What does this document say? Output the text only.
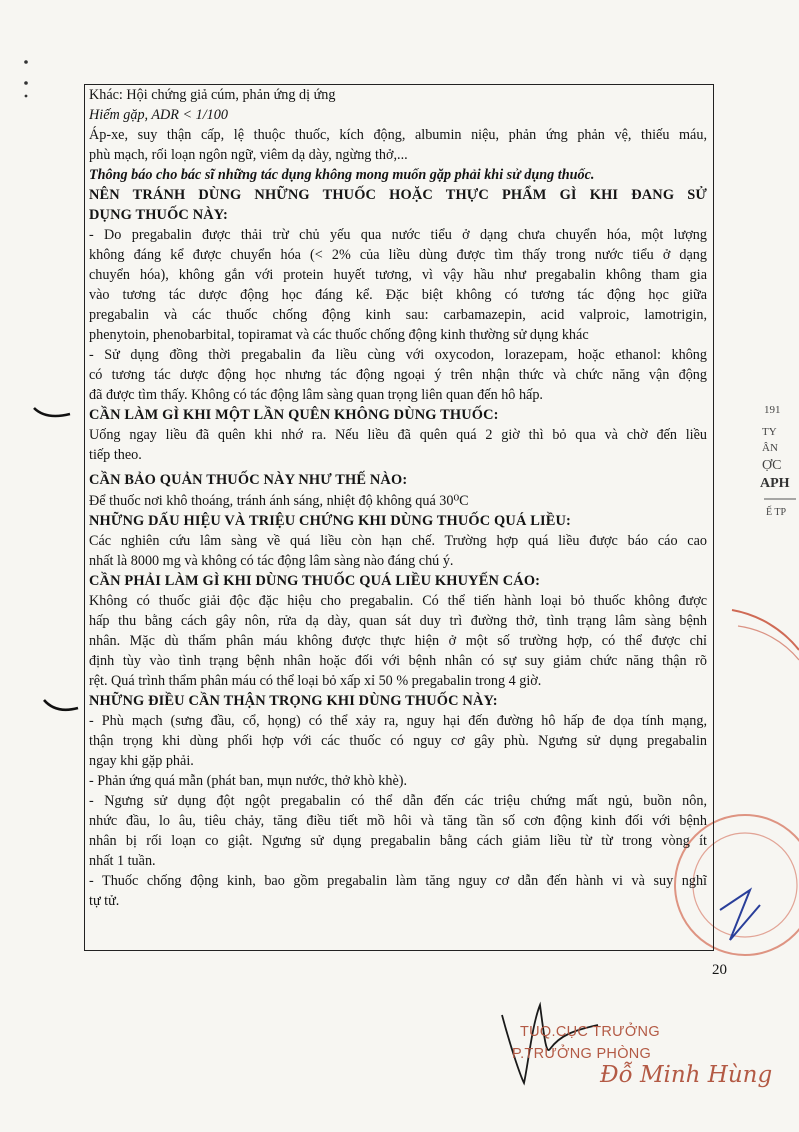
191
TY
ÂN
ỢC
APH
Ế TP
Khác: Hội chứng giả cúm, phản ứng dị ứng
Hiếm gặp, ADR < 1/100
Áp-xe, suy thận cấp, lệ thuộc thuốc, kích động, albumin niệu, phản ứng phản vệ, thiếu máu,
phù mạch, rối loạn ngôn ngữ, viêm dạ dày, ngừng thở,...
Thông báo cho bác sĩ những tác dụng không mong muốn gặp phải khi sử dụng thuốc.
NÊN TRÁNH DÙNG NHỮNG THUỐC HOẶC THỰC PHẨM GÌ KHI ĐANG SỬ
DỤNG THUỐC NÀY:
- Do pregabalin được thải trừ chủ yếu qua nước tiểu ở dạng chưa chuyển hóa, một lượng
không đáng kể được chuyển hóa (< 2% của liều dùng được tìm thấy trong nước tiểu ở dạng
chuyển hóa), không gắn với protein huyết tương, vì vậy hầu như pregabalin không tham gia
vào tương tác dược động học đáng kể. Đặc biệt không có tương tác động học giữa
pregabalin và các thuốc chống động kinh sau: carbamazepin, acid valproic, lamotrigin,
phenytoin, phenobarbital, topiramat và các thuốc chống động kinh thường sử dụng khác
- Sử dụng đồng thời pregabalin đa liều cùng với oxycodon, lorazepam, hoặc ethanol: không
có tương tác dược động học nhưng tác động ngoại ý trên nhận thức và chức năng vận động
đã được tìm thấy. Không có tác động lâm sàng quan trọng liên quan đến hô hấp.
CẦN LÀM GÌ KHI MỘT LẦN QUÊN KHÔNG DÙNG THUỐC:
Uống ngay liều đã quên khi nhớ ra. Nếu liều đã quên quá 2 giờ thì bỏ qua và chờ đến liều
tiếp theo.
CẦN BẢO QUẢN THUỐC NÀY NHƯ THẾ NÀO:
Để thuốc nơi khô thoáng, tránh ánh sáng, nhiệt độ không quá 30⁰C
NHỮNG DẤU HIỆU VÀ TRIỆU CHỨNG KHI DÙNG THUỐC QUÁ LIỀU:
Các nghiên cứu lâm sàng về quá liều còn hạn chế. Trường hợp quá liều được báo cáo cao
nhất là 8000 mg và không có tác động lâm sàng nào đáng chú ý.
CẦN PHẢI LÀM GÌ KHI DÙNG THUỐC QUÁ LIỀU KHUYẾN CÁO:
Không có thuốc giải độc đặc hiệu cho pregabalin. Có thể tiến hành loại bỏ thuốc không được
hấp thu bằng cách gây nôn, rửa dạ dày, quan sát duy trì đường thở, tình trạng lâm sàng bệnh
nhân. Mặc dù thẩm phân máu không được thực hiện ở một số trường hợp, có thể được chỉ
định tùy vào tình trạng bệnh nhân hoặc đối với bệnh nhân có sự suy giảm chức năng thận rõ
rệt. Quá trình thẩm phân máu có thể loại bỏ xấp xỉ 50 % pregabalin trong 4 giờ.
NHỮNG ĐIỀU CẦN THẬN TRỌNG KHI DÙNG THUỐC NÀY:
- Phù mạch (sưng đầu, cổ, họng) có thể xảy ra, nguy hại đến đường hô hấp đe dọa tính mạng,
thận trọng khi dùng phối hợp với các thuốc có nguy cơ gây phù. Ngưng sử dụng pregabalin
ngay khi gặp phải.
- Phản ứng quá mẫn (phát ban, mụn nước, thở khò khè).
- Ngưng sử dụng đột ngột pregabalin có thể dẫn đến các triệu chứng mất ngủ, buồn nôn,
nhức đầu, lo âu, tiêu chảy, tăng điều tiết mồ hôi và tăng tần số cơn động kinh đối với bệnh
nhân bị rối loạn co giật. Ngưng sử dụng pregabalin bằng cách giảm liều từ từ trong vòng ít
nhất 1 tuần.
- Thuốc chống động kinh, bao gồm pregabalin làm tăng nguy cơ dẫn đến hành vi và suy nghĩ
tự tử.
20
TUQ.CỤC TRƯỞNG
P.TRƯỞNG PHÒNG
Đỗ Minh Hùng
